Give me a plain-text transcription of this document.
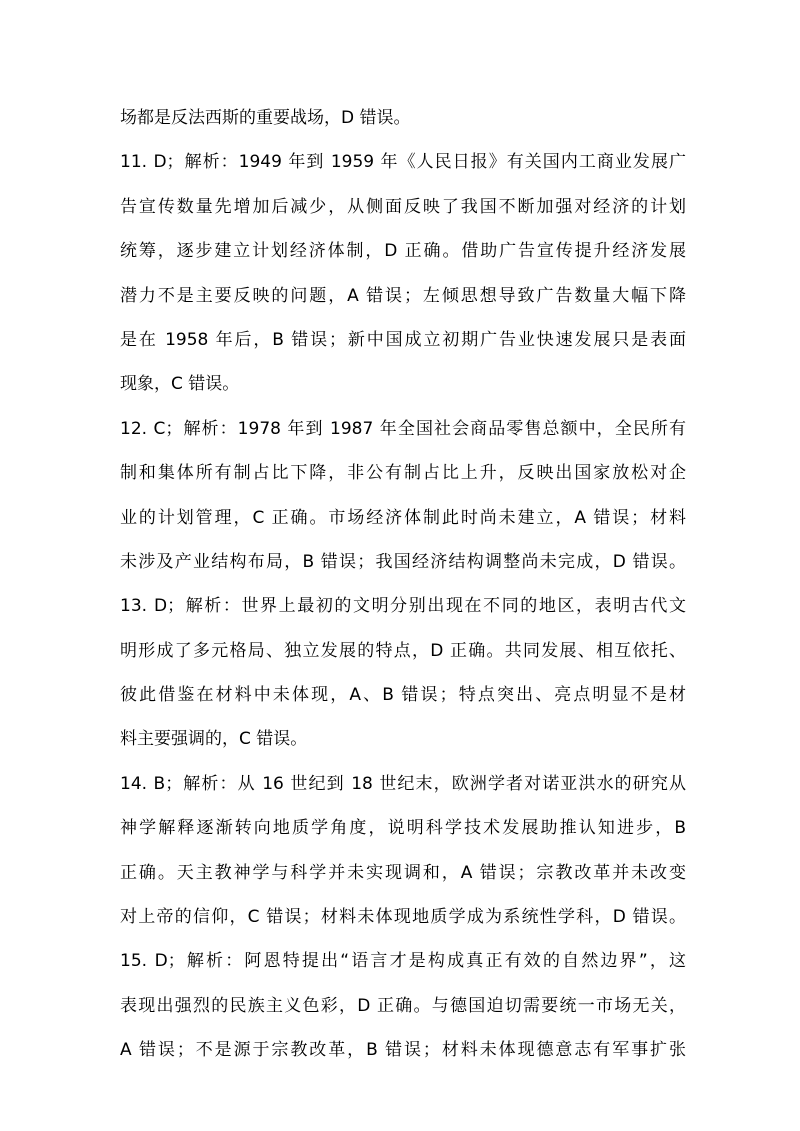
场都是反法西斯的重要战场，D 错误。
11. D；解析：1949 年到 1959 年《人民日报》有关国内工商业发展广
告宣传数量先增加后减少，从侧面反映了我国不断加强对经济的计划
统筹，逐步建立计划经济体制，D 正确。借助广告宣传提升经济发展
潜力不是主要反映的问题，A 错误；左倾思想导致广告数量大幅下降
是在 1958 年后，B 错误；新中国成立初期广告业快速发展只是表面
现象，C 错误。
12. C；解析：1978 年到 1987 年全国社会商品零售总额中，全民所有
制和集体所有制占比下降，非公有制占比上升，反映出国家放松对企
业的计划管理，C 正确。市场经济体制此时尚未建立，A 错误；材料
未涉及产业结构布局，B 错误；我国经济结构调整尚未完成，D 错误。
13. D；解析：世界上最初的文明分别出现在不同的地区，表明古代文
明形成了多元格局、独立发展的特点，D 正确。共同发展、相互依托、
彼此借鉴在材料中未体现，A、B 错误；特点突出、亮点明显不是材
料主要强调的，C 错误。
14. B；解析：从 16 世纪到 18 世纪末，欧洲学者对诺亚洪水的研究从
神学解释逐渐转向地质学角度，说明科学技术发展助推认知进步，B
正确。天主教神学与科学并未实现调和，A 错误；宗教改革并未改变
对上帝的信仰，C 错误；材料未体现地质学成为系统性学科，D 错误。
15. D；解析：阿恩特提出“语言才是构成真正有效的自然边界”，这
表现出强烈的民族主义色彩，D 正确。与德国迫切需要统一市场无关，
A 错误；不是源于宗教改革，B 错误；材料未体现德意志有军事扩张
